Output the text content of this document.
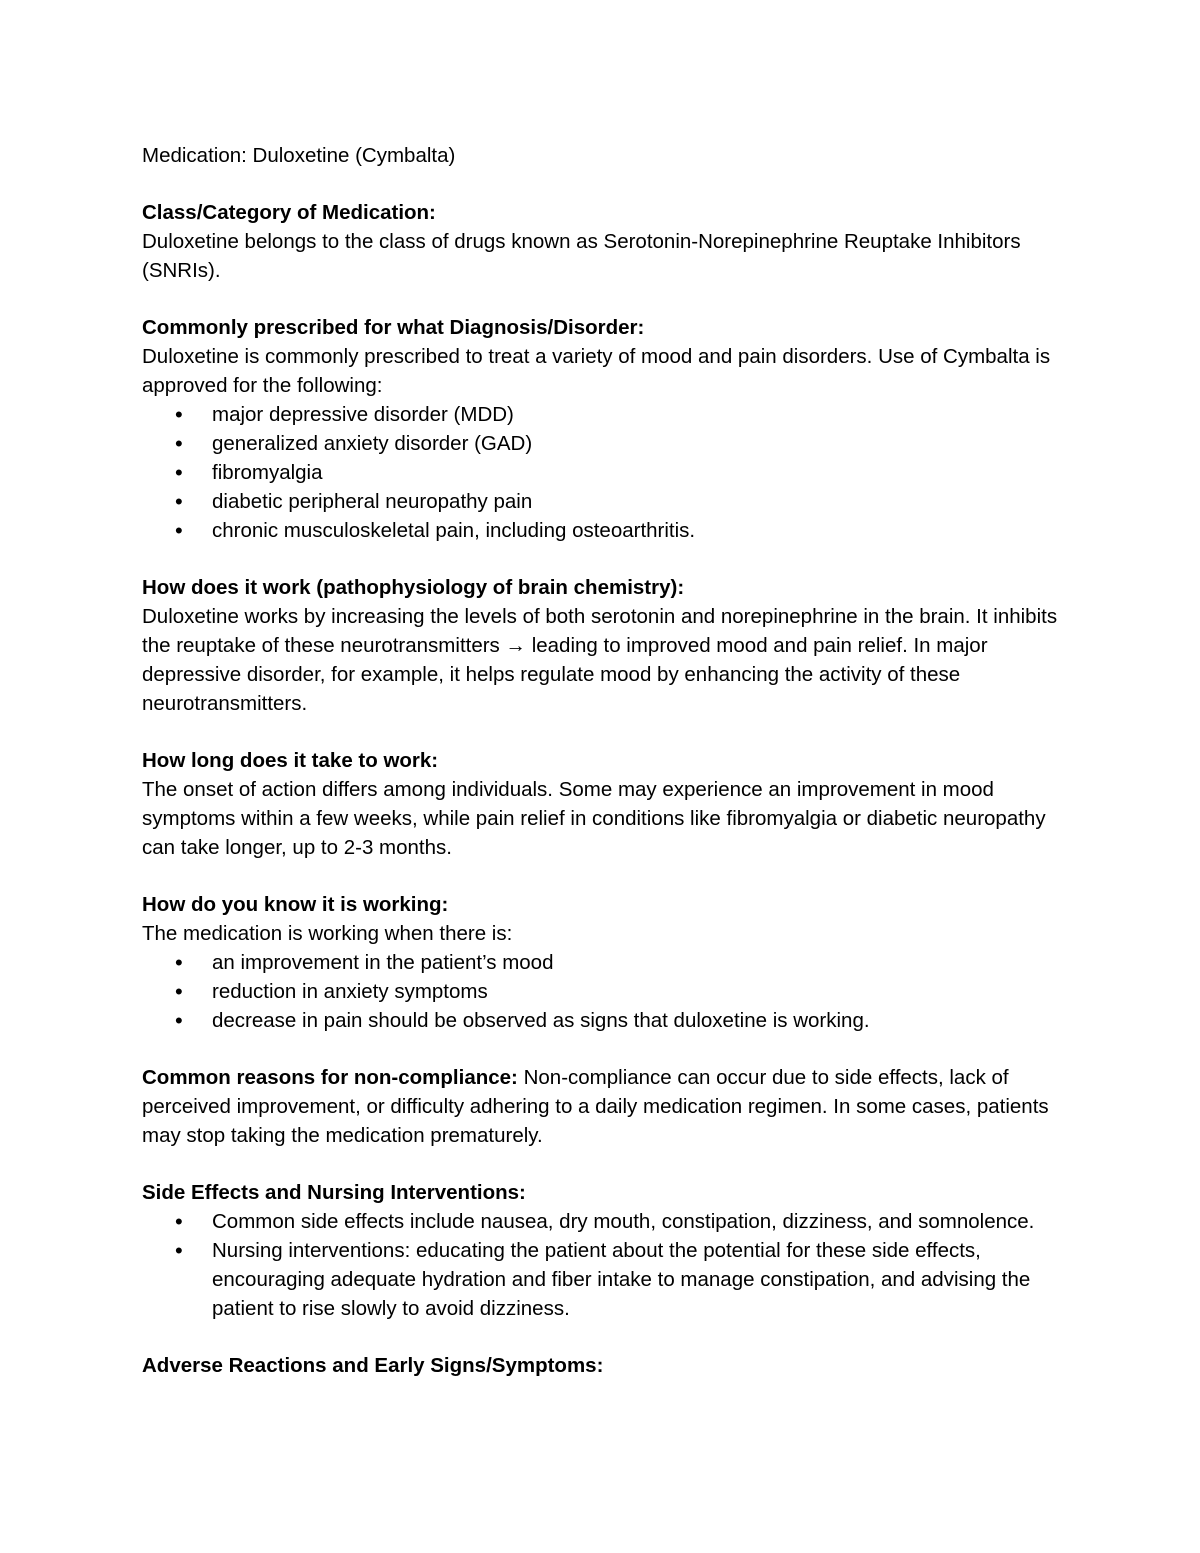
Medication: Duloxetine (Cymbalta)

Class/Category of Medication:

Duloxetine belongs to the class of drugs known as Serotonin-Norepinephrine Reuptake Inhibitors (SNRIs).

Commonly prescribed for what Diagnosis/Disorder:

Duloxetine is commonly prescribed to treat a variety of mood and pain disorders. Use of Cymbalta is approved for the following:

• major depressive disorder (MDD)
• generalized anxiety disorder (GAD)
• fibromyalgia
• diabetic peripheral neuropathy pain
• chronic musculoskeletal pain, including osteoarthritis.

How does it work (pathophysiology of brain chemistry):

Duloxetine works by increasing the levels of both serotonin and norepinephrine in the brain. It inhibits the reuptake of these neurotransmitters → leading to improved mood and pain relief. In major depressive disorder, for example, it helps regulate mood by enhancing the activity of these neurotransmitters.

How long does it take to work:

The onset of action differs among individuals. Some may experience an improvement in mood symptoms within a few weeks, while pain relief in conditions like fibromyalgia or diabetic neuropathy can take longer, up to 2-3 months.

How do you know it is working:

The medication is working when there is:

• an improvement in the patient’s mood
• reduction in anxiety symptoms
• decrease in pain should be observed as signs that duloxetine is working.

Common reasons for non-compliance: Non-compliance can occur due to side effects, lack of perceived improvement, or difficulty adhering to a daily medication regimen. In some cases, patients may stop taking the medication prematurely.

Side Effects and Nursing Interventions:

• Common side effects include nausea, dry mouth, constipation, dizziness, and somnolence.
• Nursing interventions: educating the patient about the potential for these side effects, encouraging adequate hydration and fiber intake to manage constipation, and advising the patient to rise slowly to avoid dizziness.

Adverse Reactions and Early Signs/Symptoms:
